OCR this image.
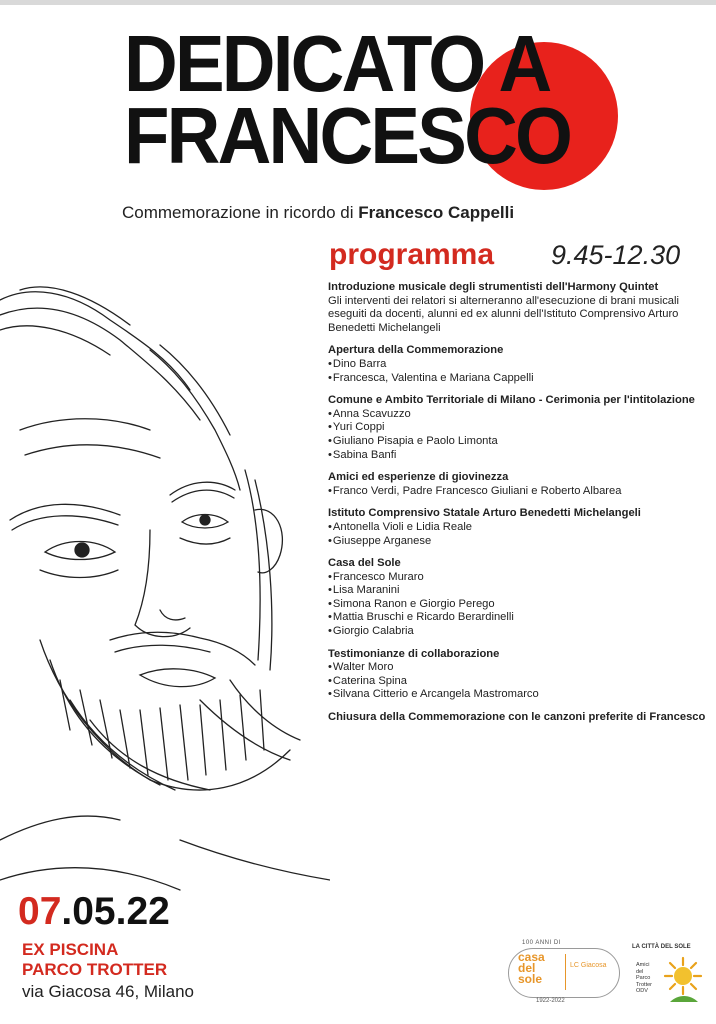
DEDICATO A
FRANCESCO
Commemorazione in ricordo di Francesco Cappelli
programma 9.45-12.30
Introduzione musicale degli strumentisti dell'Harmony Quintet
Gli interventi dei relatori si alterneranno all'esecuzione di brani musicali eseguiti da docenti, alunni ed ex alunni dell'Istituto Comprensivo Arturo Benedetti Michelangeli
Apertura della Commemorazione
• Dino Barra
• Francesca, Valentina e Mariana Cappelli
Comune e Ambito Territoriale di Milano - Cerimonia per l'intitolazione
• Anna Scavuzzo
• Yuri Coppi
• Giuliano Pisapia e Paolo Limonta
• Sabina Banfi
Amici ed esperienze di giovinezza
• Franco Verdi, Padre Francesco Giuliani e Roberto Albarea
Istituto Comprensivo Statale Arturo Benedetti Michelangeli
• Antonella Violi e Lidia Reale
• Giuseppe Arganese
Casa del Sole
• Francesco Muraro
• Lisa Maranini
• Simona Ranon e Giorgio Perego
• Mattia Bruschi e Ricardo Berardinelli
• Giorgio Calabria
Testimonianze di collaborazione
• Walter Moro
• Caterina Spina
• Silvana Citterio e Arcangela Mastromarco
Chiusura della Commemorazione con le canzoni preferite di Francesco
07.05.22
EX PISCINA
PARCO TROTTER
via Giacosa 46, Milano
100 ANNI DI
casa del sole
LC Giacosa
1922-2022
LA CITTÀ DEL SOLE
Amici del Parco Trotter ODV
